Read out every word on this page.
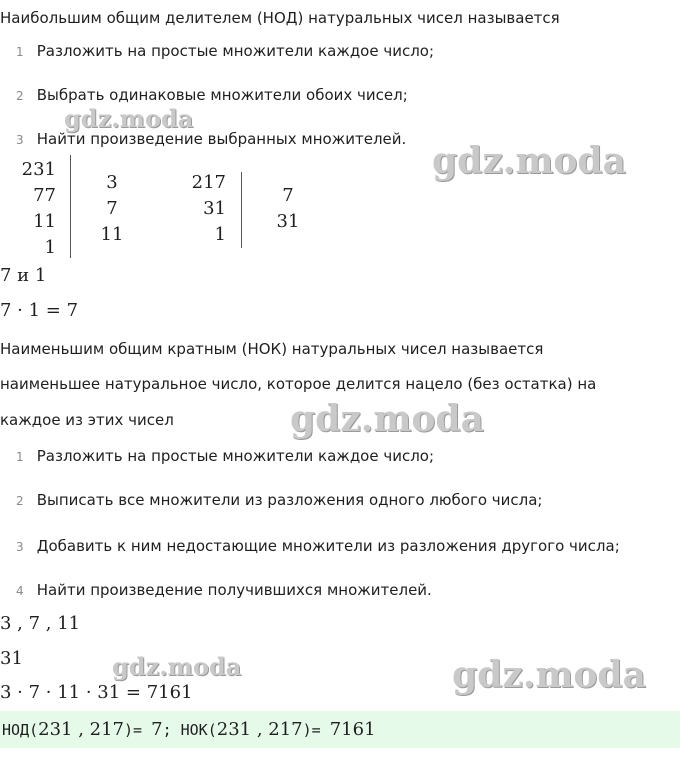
Наибольшим общим делителем (НОД) натуральных чисел называется
1 Разложить на простые множители каждое число;
2 Выбрать одинаковые множители обоих чисел;
3 Найти произведение выбранных множителей.
231
77
11
1
3
7
11
217
31
1
7
31
7 и 1
7 · 1 = 7
Наименьшим общим кратным (НОК) натуральных чисел называется
наименьшее натуральное число, которое делится нацело (без остатка) на
каждое из этих чисел
1 Разложить на простые множители каждое число;
2 Выписать все множители из разложения одного любого числа;
3 Добавить к ним недостающие множители из разложения другого числа;
4 Найти произведение получившихся множителей.
3 , 7 , 11
31
3 · 7 · 11 · 31 = 7161
НОД(231 , 217)= 7; НОК(231 , 217)= 7161
gdz.moda
gdz.moda
gdz.moda
gdz.moda	gdz.moda
